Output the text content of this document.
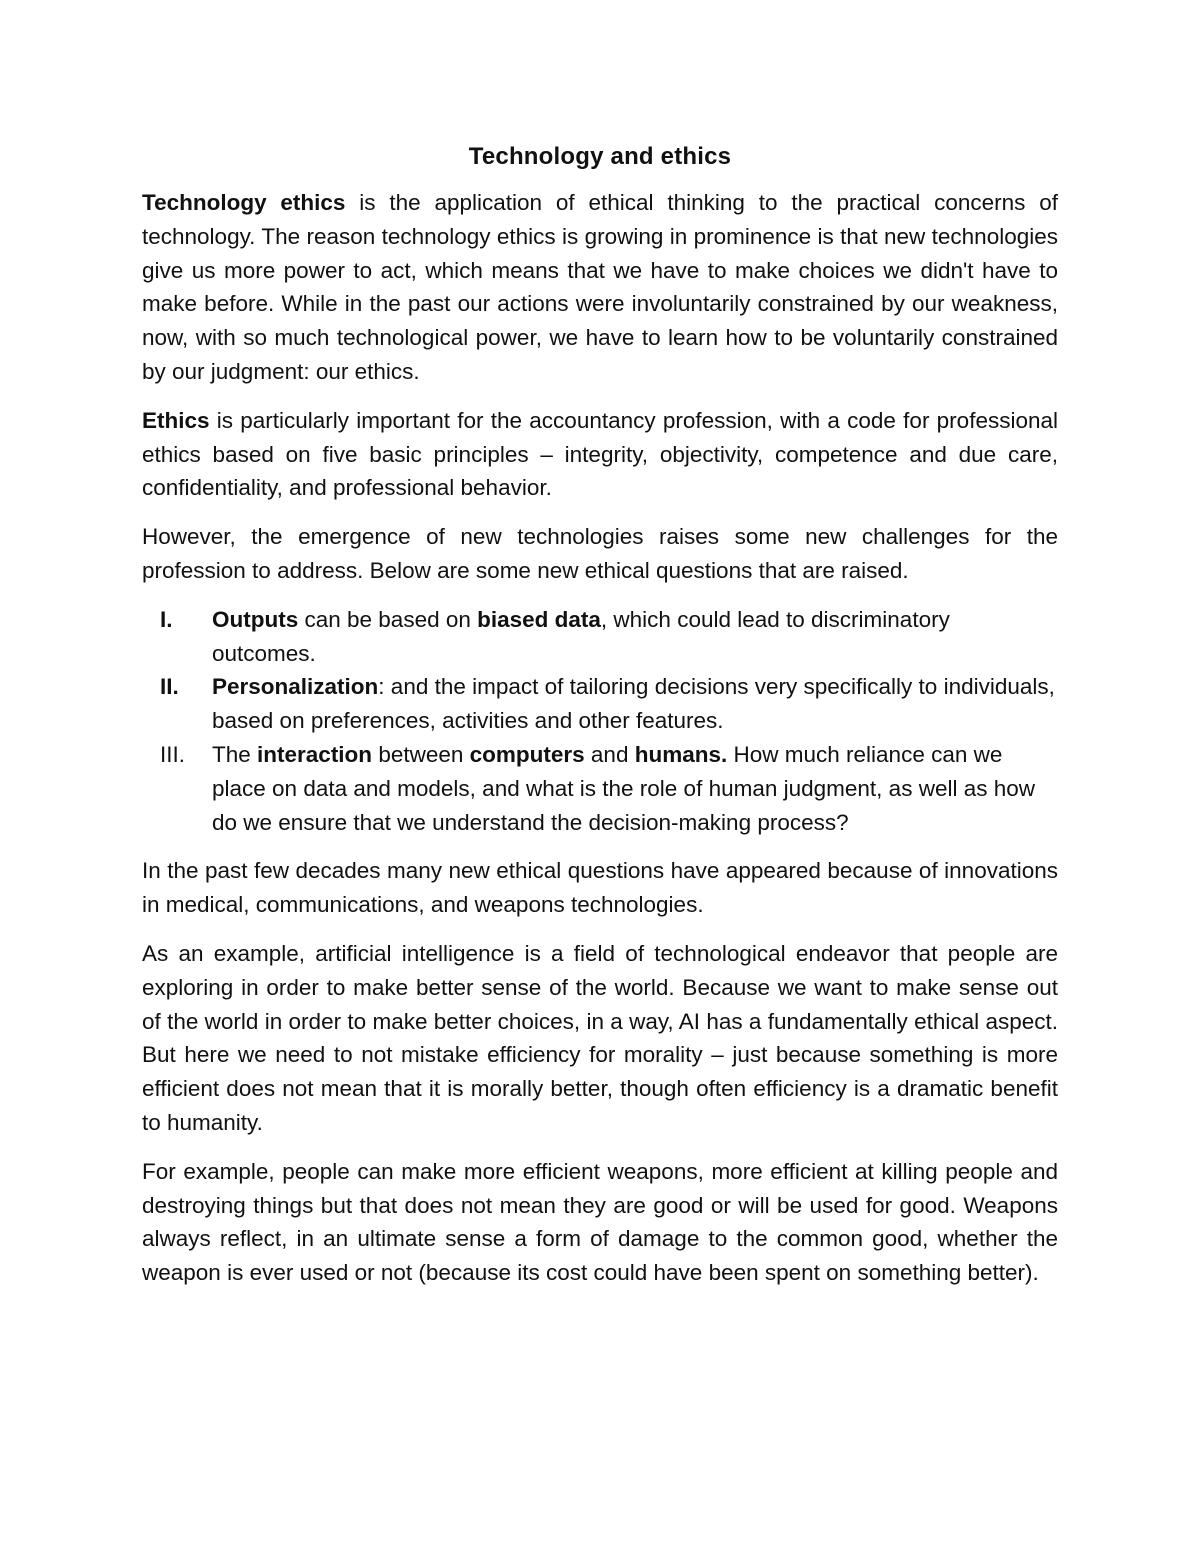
Technology and ethics

Technology ethics is the application of ethical thinking to the practical concerns of technology. The reason technology ethics is growing in prominence is that new technologies give us more power to act, which means that we have to make choices we didn't have to make before. While in the past our actions were involuntarily constrained by our weakness, now, with so much technological power, we have to learn how to be voluntarily constrained by our judgment: our ethics.

Ethics is particularly important for the accountancy profession, with a code for professional ethics based on five basic principles – integrity, objectivity, competence and due care, confidentiality, and professional behavior.

However, the emergence of new technologies raises some new challenges for the profession to address. Below are some new ethical questions that are raised.

I. Outputs can be based on biased data, which could lead to discriminatory outcomes.
II. Personalization: and the impact of tailoring decisions very specifically to individuals, based on preferences, activities and other features.
III. The interaction between computers and humans. How much reliance can we place on data and models, and what is the role of human judgment, as well as how do we ensure that we understand the decision-making process?

In the past few decades many new ethical questions have appeared because of innovations in medical, communications, and weapons technologies.

As an example, artificial intelligence is a field of technological endeavor that people are exploring in order to make better sense of the world. Because we want to make sense out of the world in order to make better choices, in a way, AI has a fundamentally ethical aspect. But here we need to not mistake efficiency for morality – just because something is more efficient does not mean that it is morally better, though often efficiency is a dramatic benefit to humanity.

For example, people can make more efficient weapons, more efficient at killing people and destroying things but that does not mean they are good or will be used for good. Weapons always reflect, in an ultimate sense a form of damage to the common good, whether the weapon is ever used or not (because its cost could have been spent on something better).
